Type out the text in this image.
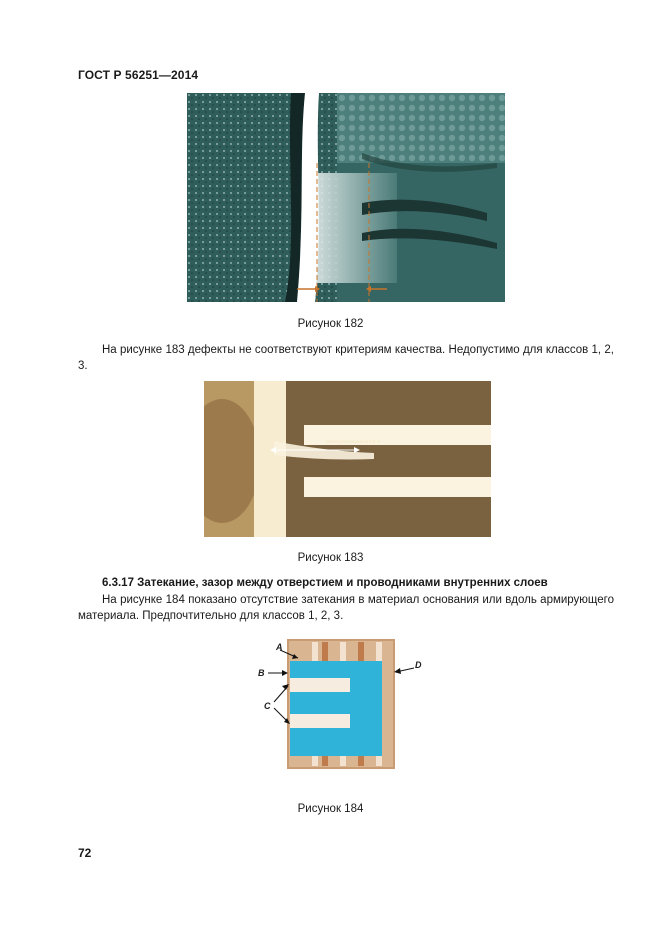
ГОСТ Р 56251—2014
Рисунок 182
На рисунке 183 дефекты не соответствуют критериям качества. Недопустимо для классов 1, 2, 3.
Wicking measured at 0.5 in
Рисунок 183
6.3.17 Затекание, зазор между отверстием и проводниками внутренних слоев
На рисунке 184 показано отсутствие затекания в материал основания или вдоль армирующего материала. Предпочтительно для классов 1, 2, 3.
A
B
C
D
Рисунок 184
72
